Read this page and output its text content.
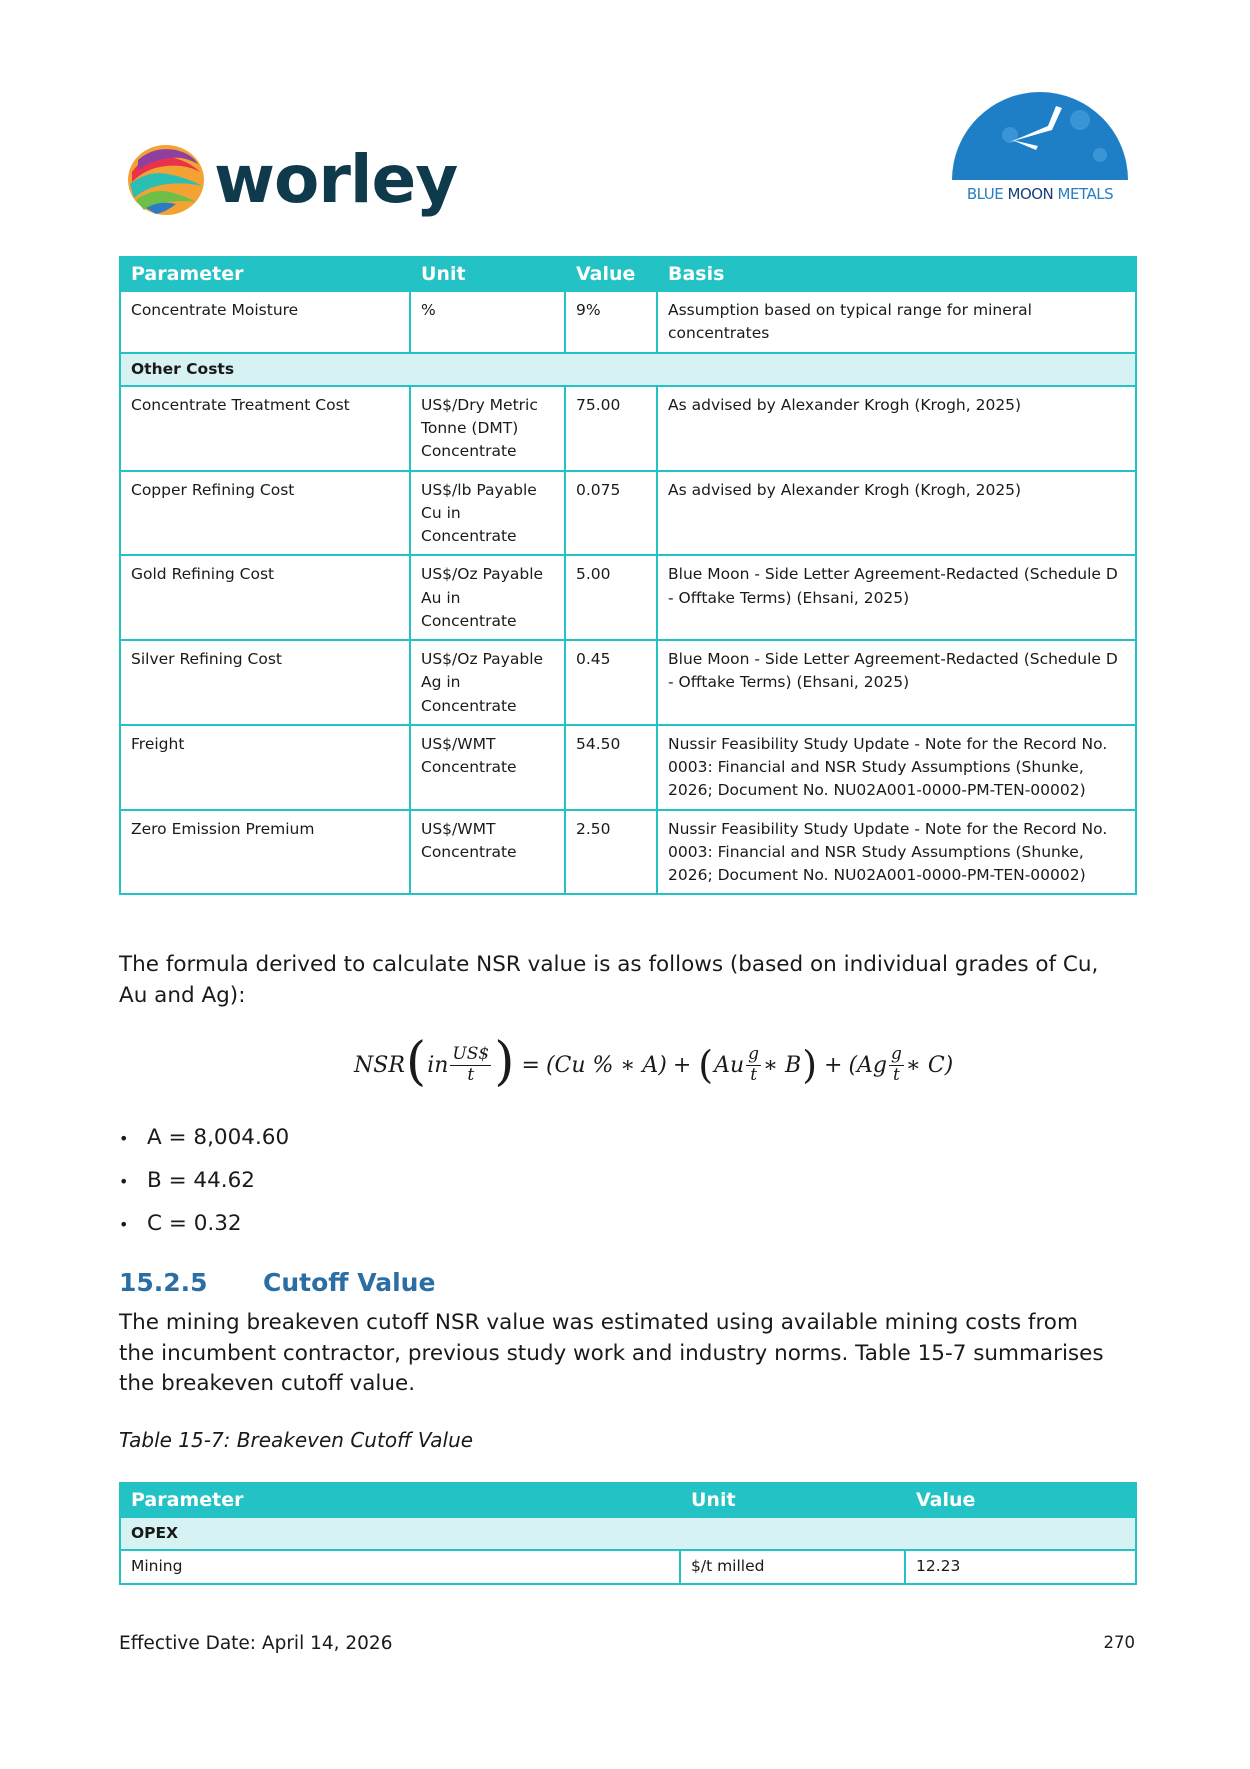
worley	BLUE MOON METALS
Parameter	Unit	Value	Basis
Concentrate Moisture	%	9%	Assumption based on typical range for mineral concentrates
Other Costs			
Concentrate Treatment Cost	US$/Dry Metric Tonne (DMT) Concentrate	75.00	As advised by Alexander Krogh (Krogh, 2025)
Copper Refining Cost	US$/lb Payable Cu in Concentrate	0.075	As advised by Alexander Krogh (Krogh, 2025)
Gold Refining Cost	US$/Oz Payable Au in Concentrate	5.00	Blue Moon - Side Letter Agreement-Redacted (Schedule D - Offtake Terms) (Ehsani, 2025)
Silver Refining Cost	US$/Oz Payable Ag in Concentrate	0.45	Blue Moon - Side Letter Agreement-Redacted (Schedule D - Offtake Terms) (Ehsani, 2025)
Freight	US$/WMT Concentrate	54.50	Nussir Feasibility Study Update - Note for the Record No. 0003: Financial and NSR Study Assumptions (Shunke, 2026; Document No. NU02A001-0000-PM-TEN-00002)
Zero Emission Premium	US$/WMT Concentrate	2.50	Nussir Feasibility Study Update - Note for the Record No. 0003: Financial and NSR Study Assumptions (Shunke, 2026; Document No. NU02A001-0000-PM-TEN-00002)
The formula derived to calculate NSR value is as follows (based on individual grades of Cu, Au and Ag):
NSR ( in $\frac{US\$}{t}$ ) = (Cu % ∗ A) + ( Au $\frac{g}{t}$ ∗ B ) + ($Ag \frac{g}{t}$ ∗ C)
• A = 8,004.60
• B = 44.62
• C = 0.32
15.2.5 Cutoff Value
The mining breakeven cutoff NSR value was estimated using available mining costs from the incumbent contractor, previous study work and industry norms. Table 15-7 summarises the breakeven cutoff value.
Table 15-7: Breakeven Cutoff Value
Parameter	Unit	Value
OPEX		
Mining	$/t milled	12.23
Effective Date: April 14, 2026	270
